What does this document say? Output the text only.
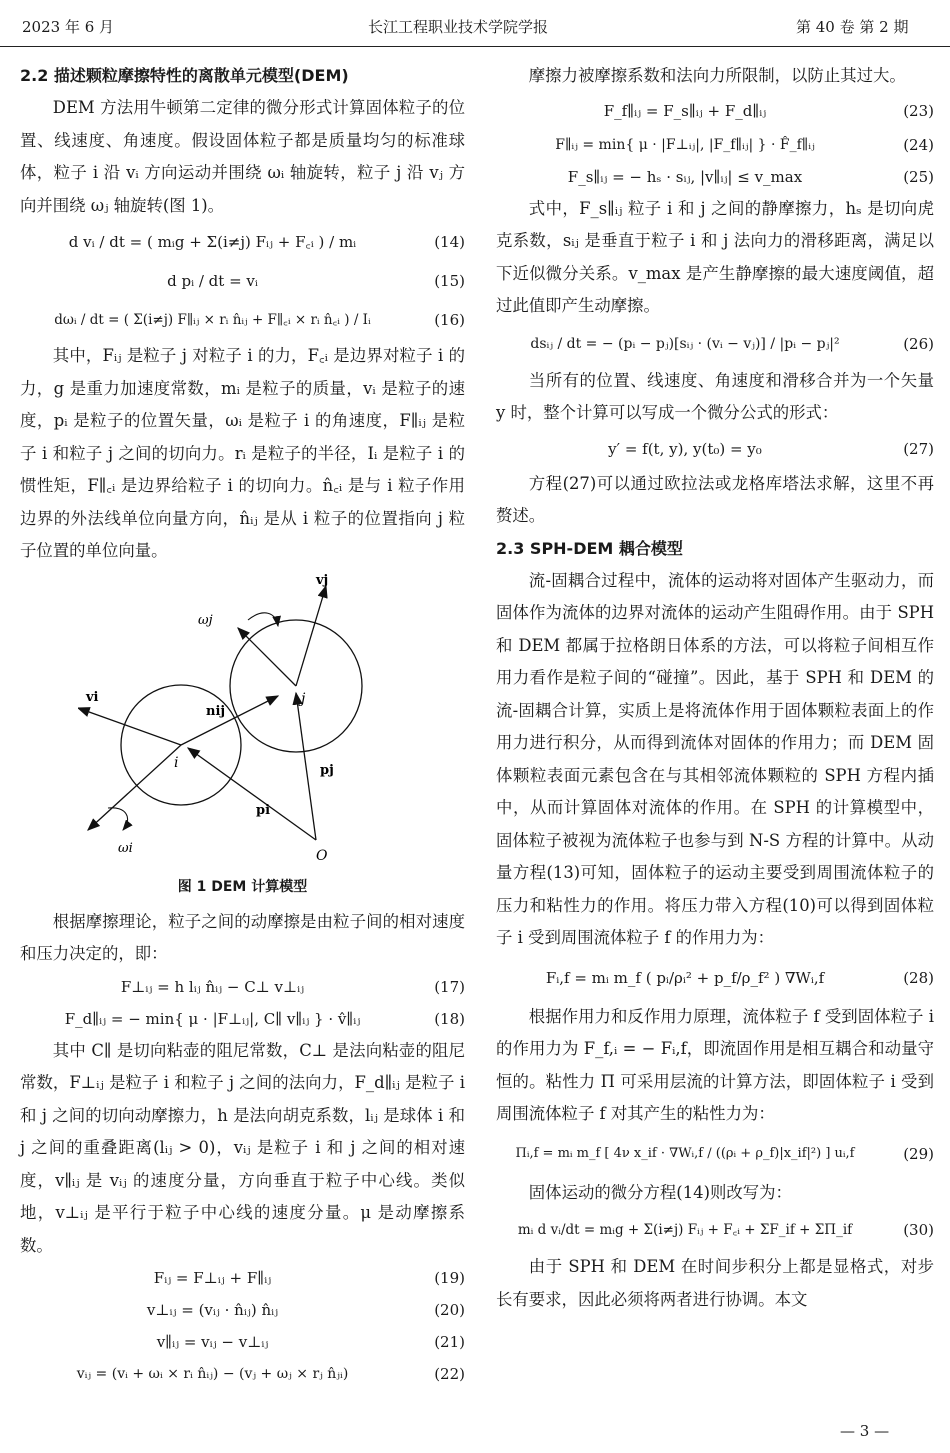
2023 年 6 月	长江工程职业技术学院学报	第 40 卷 第 2 期
2.2 描述颗粒摩擦特性的离散单元模型(DEM)

DEM 方法用牛顿第二定律的微分形式计算固体粒子的位置、线速度、角速度。假设固体粒子都是质量均匀的标准球体，粒子 i 沿 vᵢ 方向运动并围绕 ωᵢ 轴旋转，粒子 j 沿 vⱼ 方向并围绕 ωⱼ 轴旋转(图 1)。

d vᵢ / dt = ( mᵢg + Σ(i≠j) Fᵢⱼ + F꜀ᵢ ) / mᵢ	(14)
d pᵢ / dt = vᵢ	(15)
dωᵢ / dt = ( Σ(i≠j) F∥ᵢⱼ × rᵢ n̂ᵢⱼ + F∥꜀ᵢ × rᵢ n̂꜀ᵢ ) / Iᵢ	(16)

其中，Fᵢⱼ 是粒子 j 对粒子 i 的力，F꜀ᵢ 是边界对粒子 i 的力，g 是重力加速度常数，mᵢ 是粒子的质量，vᵢ 是粒子的速度，pᵢ 是粒子的位置矢量，ωᵢ 是粒子 i 的角速度，F∥ᵢⱼ 是粒子 i 和粒子 j 之间的切向力。rᵢ 是粒子的半径，Iᵢ 是粒子 i 的惯性矩，F∥꜀ᵢ 是边界给粒子 i 的切向力。n̂꜀ᵢ 是与 i 粒子作用边界的外法线单位向量方向，n̂ᵢⱼ 是从 i 粒子的位置指向 j 粒子位置的单位向量。

vj
ωj
j
vi
nij
i	pj
ωi
pi
O
图 1 DEM 计算模型

根据摩擦理论，粒子之间的动摩擦是由粒子间的相对速度和压力决定的，即：

F⊥ᵢⱼ = h lᵢⱼ n̂ᵢⱼ − C⊥ v⊥ᵢⱼ	(17)
F_d∥ᵢⱼ = − min{ μ · |F⊥ᵢⱼ|, C∥ v∥ᵢⱼ } · v̂∥ᵢⱼ	(18)

其中 C∥ 是切向粘壶的阻尼常数，C⊥ 是法向粘壶的阻尼常数，F⊥ᵢⱼ 是粒子 i 和粒子 j 之间的法向力，F_d∥ᵢⱼ 是粒子 i 和 j 之间的切向动摩擦力，h 是法向胡克系数，lᵢⱼ 是球体 i 和 j 之间的重叠距离(lᵢⱼ > 0)，vᵢⱼ 是粒子 i 和 j 之间的相对速度，v∥ᵢⱼ 是 vᵢⱼ 的速度分量，方向垂直于粒子中心线。类似地，v⊥ᵢⱼ 是平行于粒子中心线的速度分量。μ 是动摩擦系数。

Fᵢⱼ = F⊥ᵢⱼ + F∥ᵢⱼ	(19)
v⊥ᵢⱼ = (vᵢⱼ · n̂ᵢⱼ) n̂ᵢⱼ	(20)
v∥ᵢⱼ = vᵢⱼ − v⊥ᵢⱼ	(21)
vᵢⱼ = (vᵢ + ωᵢ × rᵢ n̂ᵢⱼ) − (vⱼ + ωⱼ × rⱼ n̂ⱼᵢ)	(22)

摩擦力被摩擦系数和法向力所限制，以防止其过大。

F_f∥ᵢⱼ = F_s∥ᵢⱼ + F_d∥ᵢⱼ	(23)
F∥ᵢⱼ = min{ μ · |F⊥ᵢⱼ|, |F_f∥ᵢⱼ| } · F̂_f∥ᵢⱼ	(24)
F_s∥ᵢⱼ = − hₛ · sᵢⱼ, |v∥ᵢⱼ| ≤ v_max	(25)

式中，F_s∥ᵢⱼ 粒子 i 和 j 之间的静摩擦力，hₛ 是切向虎克系数，sᵢⱼ 是垂直于粒子 i 和 j 法向力的滑移距离，满足以下近似微分关系。v_max 是产生静摩擦的最大速度阈值，超过此值即产生动摩擦。

dsᵢⱼ / dt = − (pᵢ − pⱼ)[sᵢⱼ · (vᵢ − vⱼ)] / |pᵢ − pⱼ|²	(26)

当所有的位置、线速度、角速度和滑移合并为一个矢量 y 时，整个计算可以写成一个微分公式的形式：

y′ = f(t, y), y(t₀) = y₀	(27)

方程(27)可以通过欧拉法或龙格库塔法求解，这里不再赘述。

2.3 SPH-DEM 耦合模型

流-固耦合过程中，流体的运动将对固体产生驱动力，而固体作为流体的边界对流体的运动产生阻碍作用。由于 SPH 和 DEM 都属于拉格朗日体系的方法，可以将粒子间相互作用力看作是粒子间的“碰撞”。因此，基于 SPH 和 DEM 的流-固耦合计算，实质上是将流体作用于固体颗粒表面上的作用力进行积分，从而得到流体对固体的作用力；而 DEM 固体颗粒表面元素包含在与其相邻流体颗粒的 SPH 方程内插中，从而计算固体对流体的作用。在 SPH 的计算模型中，固体粒子被视为流体粒子也参与到 N-S 方程的计算中。从动量方程(13)可知，固体粒子的运动主要受到周围流体粒子的压力和粘性力的作用。将压力带入方程(10)可以得到固体粒子 i 受到周围流体粒子 f 的作用力为：

Fᵢ,f = mᵢ m_f ( pᵢ/ρᵢ² + p_f/ρ_f² ) ∇Wᵢ,f	(28)

根据作用力和反作用力原理，流体粒子 f 受到固体粒子 i 的作用力为 F_f,ᵢ = − Fᵢ,f，即流固作用是相互耦合和动量守恒的。粘性力 Π 可采用层流的计算方法，即固体粒子 i 受到周围流体粒子 f 对其产生的粘性力为：

Πᵢ,f = mᵢ m_f [ 4ν x_if · ∇Wᵢ,f / ((ρᵢ + ρ_f)|x_if|²) ] uᵢ,f	(29)

固体运动的微分方程(14)则改写为：

mᵢ d vᵢ/dt = mᵢg + Σ(i≠j) Fᵢⱼ + F꜀ᵢ + ΣF_if + ΣΠ_if	(30)

由于 SPH 和 DEM 在时间步积分上都是显格式，对步长有要求，因此必须将两者进行协调。本文

— 3 —
